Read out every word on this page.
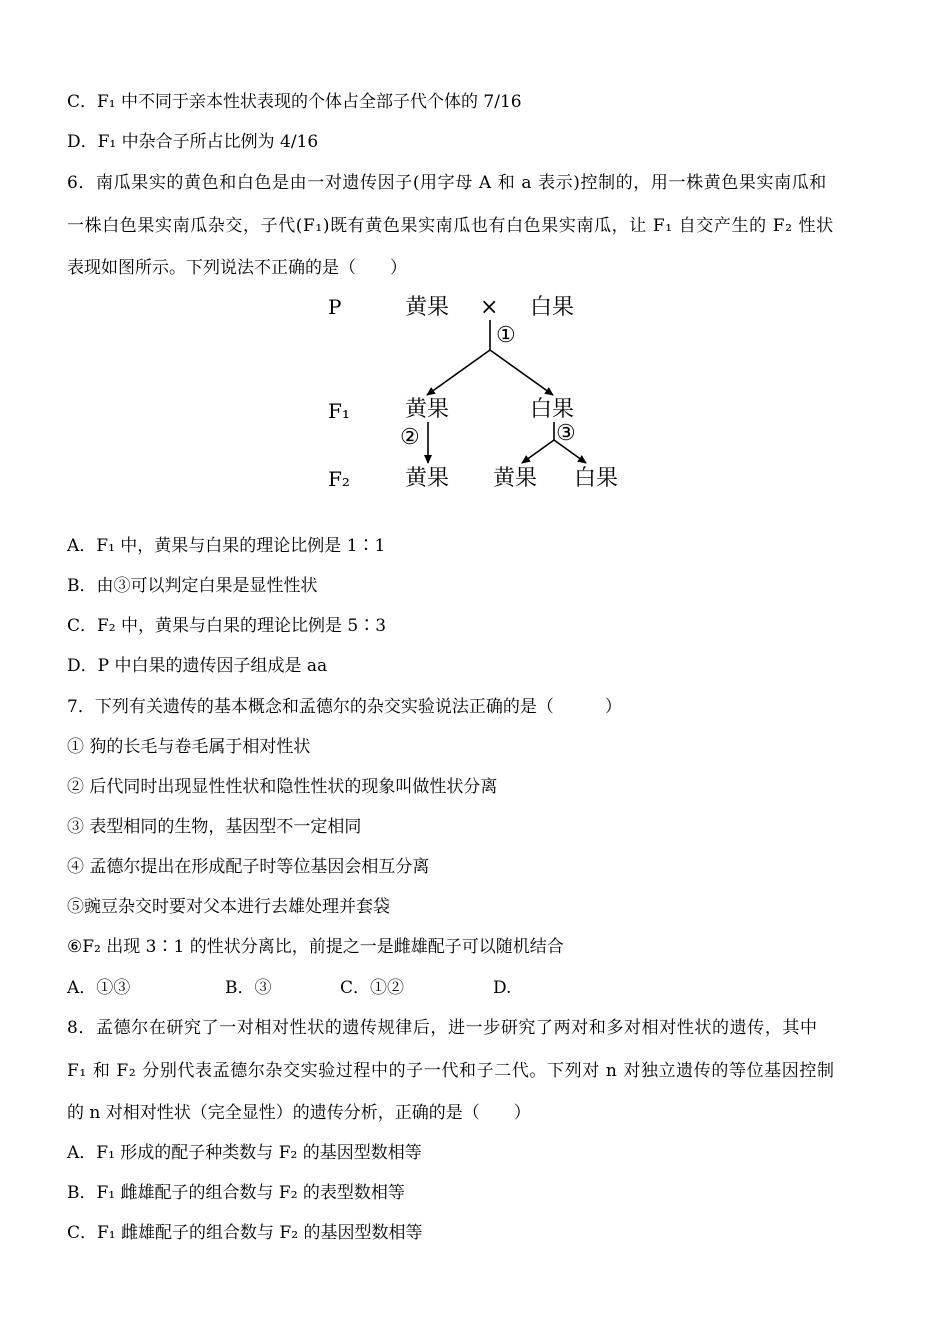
C．F₁ 中不同于亲本性状表现的个体占全部子代个体的 7/16
D．F₁ 中杂合子所占比例为 4/16
6．南瓜果实的黄色和白色是由一对遗传因子(用字母 A 和 a 表示)控制的，用一株黄色果实南瓜和
一株白色果实南瓜杂交，子代(F₁)既有黄色果实南瓜也有白色果实南瓜，让 F₁ 自交产生的 F₂ 性状
表现如图所示。下列说法不正确的是（　　）
P	黄果 × 白果
①
F₁	黄果	白果
②	③
F₂	黄果 黄果 白果
A．F₁ 中，黄果与白果的理论比例是 1∶1
B．由③可以判定白果是显性性状
C．F₂ 中，黄果与白果的理论比例是 5∶3
D．P 中白果的遗传因子组成是 aa
7．下列有关遗传的基本概念和孟德尔的杂交实验说法正确的是（　　　）
① 狗的长毛与卷毛属于相对性状
② 后代同时出现显性性状和隐性性状的现象叫做性状分离
③ 表型相同的生物，基因型不一定相同
④ 孟德尔提出在形成配子时等位基因会相互分离
⑤豌豆杂交时要对父本进行去雄处理并套袋
⑥F₂ 出现 3∶1 的性状分离比，前提之一是雌雄配子可以随机结合
A．①③	B．③	C．①②	D.
8．孟德尔在研究了一对相对性状的遗传规律后，进一步研究了两对和多对相对性状的遗传，其中
F₁ 和 F₂ 分别代表孟德尔杂交实验过程中的子一代和子二代。下列对 n 对独立遗传的等位基因控制
的 n 对相对性状（完全显性）的遗传分析，正确的是（　　）
A．F₁ 形成的配子种类数与 F₂ 的基因型数相等
B．F₁ 雌雄配子的组合数与 F₂ 的表型数相等
C．F₁ 雌雄配子的组合数与 F₂ 的基因型数相等
